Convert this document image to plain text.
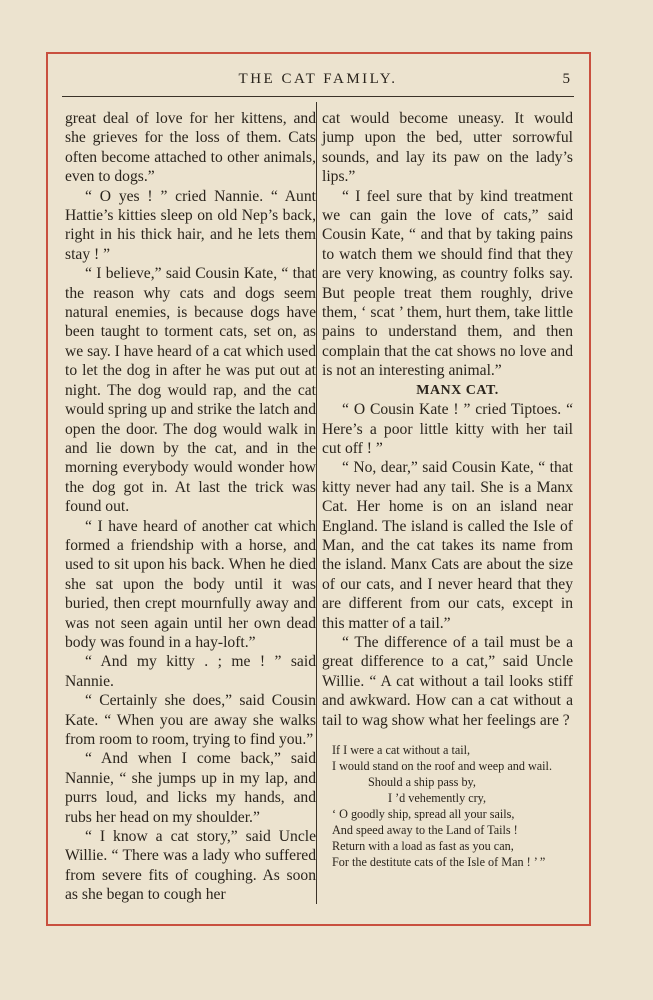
THE CAT FAMILY.	5

great deal of love for her kittens, and she grieves for the loss of them. Cats often become attached to other animals, even to dogs.”

“ O yes ! ” cried Nannie. “ Aunt Hattie’s kitties sleep on old Nep’s back, right in his thick hair, and he lets them stay ! ”

“ I believe,” said Cousin Kate, “ that the reason why cats and dogs seem natural enemies, is because dogs have been taught to torment cats, set on, as we say. I have heard of a cat which used to let the dog in after he was put out at night. The dog would rap, and the cat would spring up and strike the latch and open the door. The dog would walk in and lie down by the cat, and in the morning everybody would wonder how the dog got in. At last the trick was found out.

“ I have heard of another cat which formed a friendship with a horse, and used to sit upon his back. When he died she sat upon the body until it was buried, then crept mournfully away and was not seen again until her own dead body was found in a hay-loft.”

“ And my kitty . ; me ! ” said Nannie.

“ Certainly she does,” said Cousin Kate. “ When you are away she walks from room to room, trying to find you.”

“ And when I come back,” said Nannie, “ she jumps up in my lap, and purrs loud, and licks my hands, and rubs her head on my shoulder.”

“ I know a cat story,” said Uncle Willie. “ There was a lady who suffered from severe fits of coughing. As soon as she began to cough her

cat would become uneasy. It would jump upon the bed, utter sorrowful sounds, and lay its paw on the lady’s lips.”

“ I feel sure that by kind treatment we can gain the love of cats,” said Cousin Kate, “ and that by taking pains to watch them we should find that they are very knowing, as country folks say. But people treat them roughly, drive them, ‘ scat ’ them, hurt them, take little pains to understand them, and then complain that the cat shows no love and is not an interesting animal.”

MANX CAT.

“ O Cousin Kate ! ” cried Tiptoes. “ Here’s a poor little kitty with her tail cut off ! ”

“ No, dear,” said Cousin Kate, “ that kitty never had any tail. She is a Manx Cat. Her home is on an island near England. The island is called the Isle of Man, and the cat takes its name from the island. Manx Cats are about the size of our cats, and I never heard that they are different from our cats, except in this matter of a tail.”

“ The difference of a tail must be a great difference to a cat,” said Uncle Willie. “ A cat without a tail looks stiff and awkward. How can a cat without a tail to wag show what her feelings are ?

If I were a cat without a tail,
I would stand on the roof and weep and wail.
Should a ship pass by,
I ’d vehemently cry,
‘ O goodly ship, spread all your sails,
And speed away to the Land of Tails !
Return with a load as fast as you can,
For the destitute cats of the Isle of Man ! ’ ”
